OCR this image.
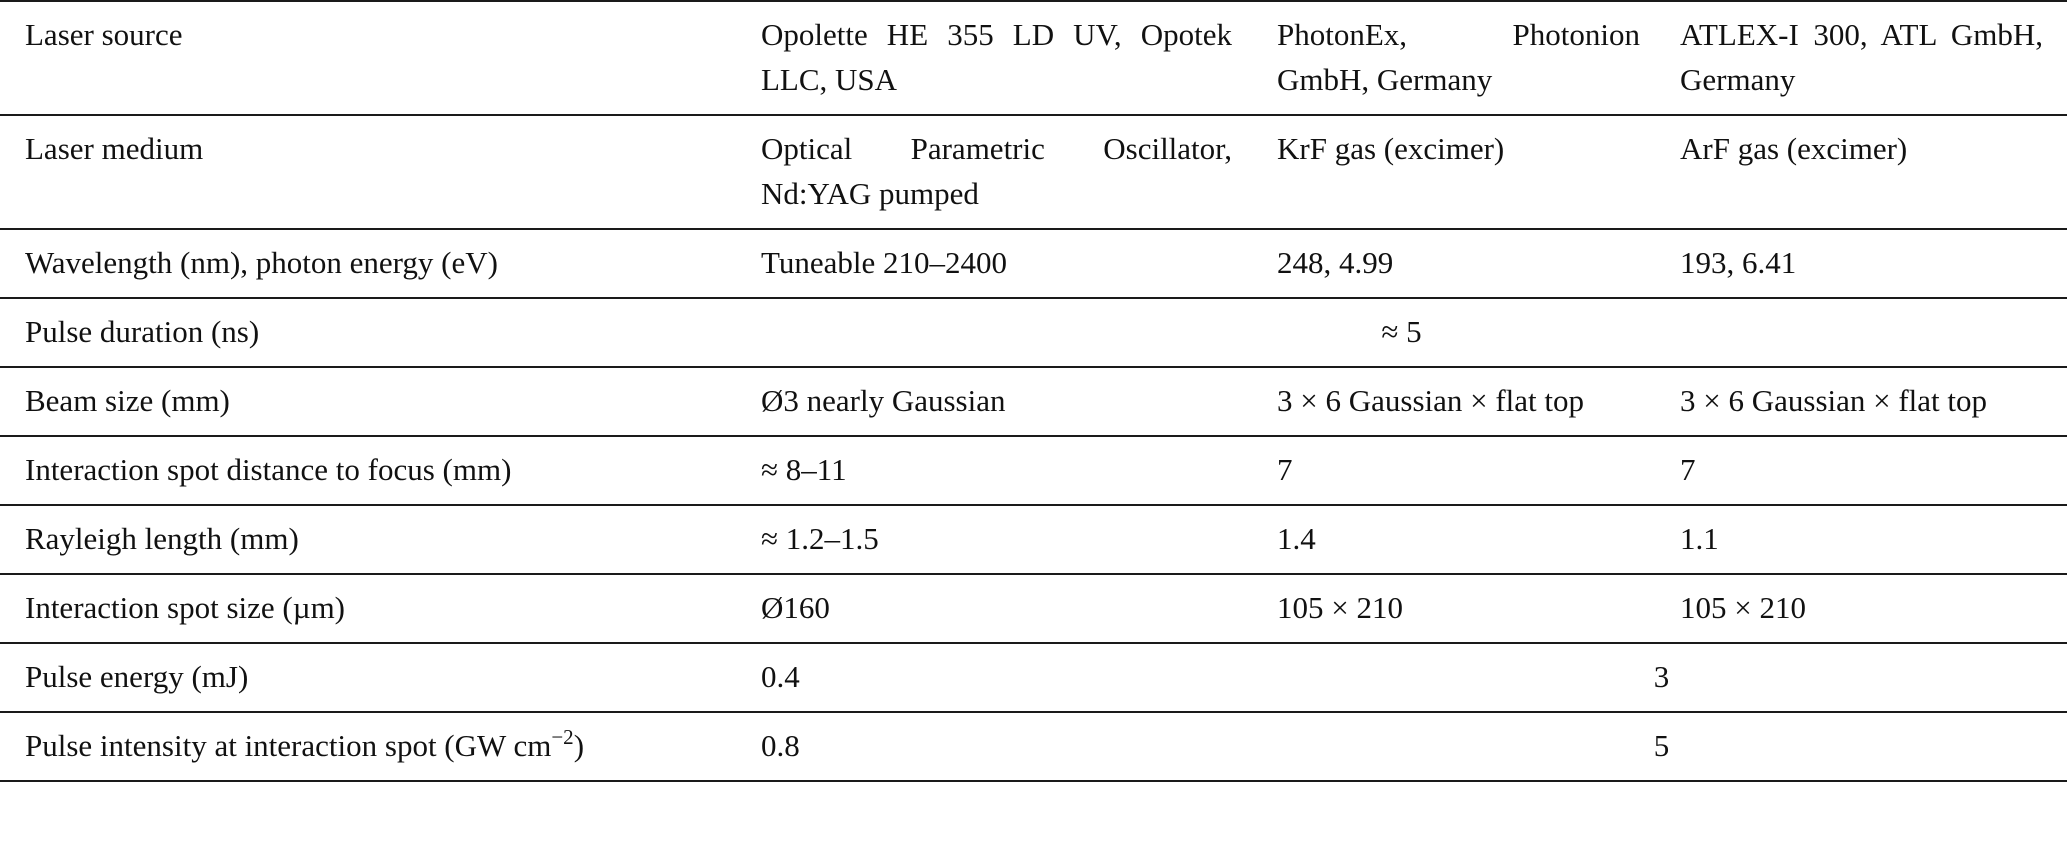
Laser source	Opolette HE 355 LD UV, Opotek LLC, USA	PhotonEx, Photonion GmbH, Germany	ATLEX-I 300, ATL GmbH, Germany
Laser medium	Optical Parametric Oscillator, Nd:YAG pumped	KrF gas (excimer)	ArF gas (excimer)
Wavelength (nm), photon energy (eV)	Tuneable 210–2400	248, 4.99	193, 6.41
Pulse duration (ns)	≈ 5		
Beam size (mm)	Ø3 nearly Gaussian	3 × 6 Gaussian × flat top	3 × 6 Gaussian × flat top
Interaction spot distance to focus (mm)	≈ 8–11	7	7
Rayleigh length (mm)	≈ 1.2–1.5	1.4	1.1
Interaction spot size (µm)	Ø160	105 × 210	105 × 210
Pulse energy (mJ)	0.4	3	
Pulse intensity at interaction spot (GW $cm^{-2}$)	0.8	5	
